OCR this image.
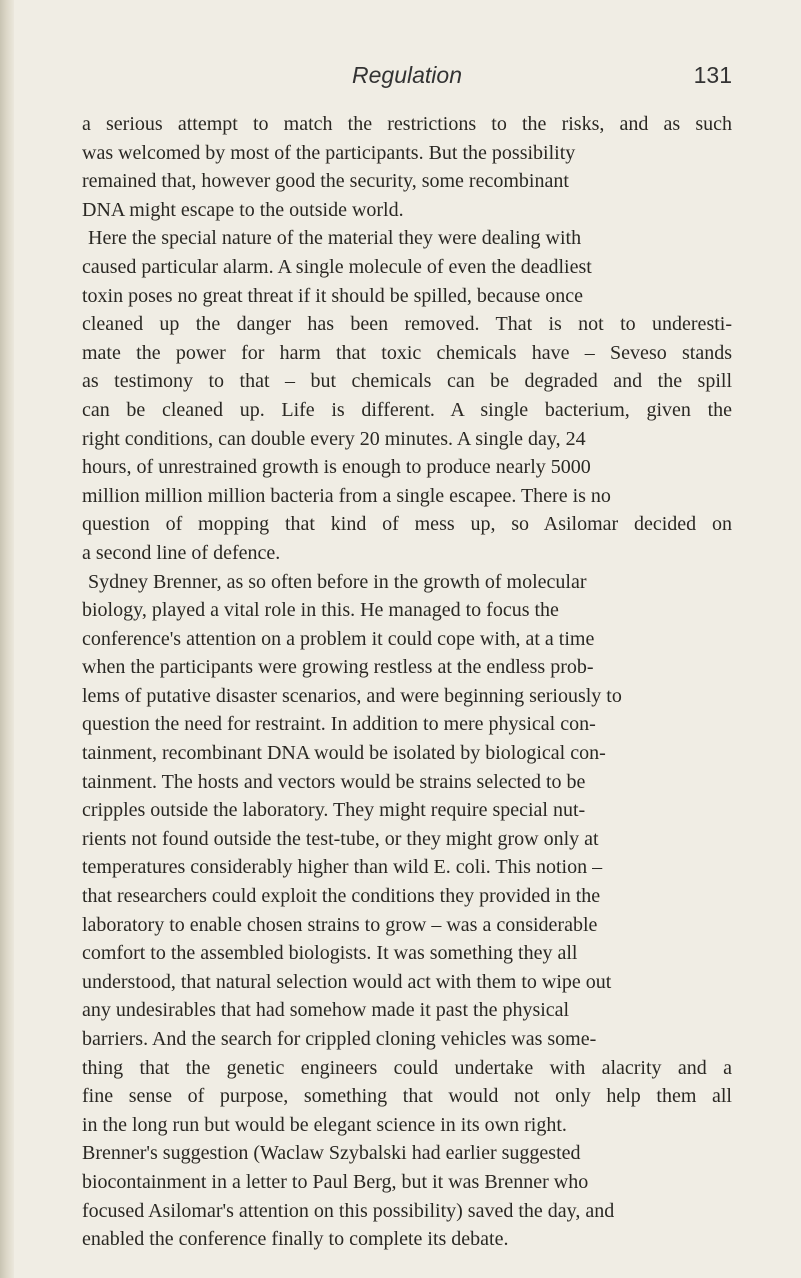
Regulation	131
a serious attempt to match the restrictions to the risks, and as such
was welcomed by most of the participants. But the possibility
remained that, however good the security, some recombinant
DNA might escape to the outside world.
Here the special nature of the material they were dealing with
caused particular alarm. A single molecule of even the deadliest
toxin poses no great threat if it should be spilled, because once
cleaned up the danger has been removed. That is not to underesti-
mate the power for harm that toxic chemicals have – Seveso stands
as testimony to that – but chemicals can be degraded and the spill
can be cleaned up. Life is different. A single bacterium, given the
right conditions, can double every 20 minutes. A single day, 24
hours, of unrestrained growth is enough to produce nearly 5000
million million million bacteria from a single escapee. There is no
question of mopping that kind of mess up, so Asilomar decided on
a second line of defence.
Sydney Brenner, as so often before in the growth of molecular
biology, played a vital role in this. He managed to focus the
conference's attention on a problem it could cope with, at a time
when the participants were growing restless at the endless prob-
lems of putative disaster scenarios, and were beginning seriously to
question the need for restraint. In addition to mere physical con-
tainment, recombinant DNA would be isolated by biological con-
tainment. The hosts and vectors would be strains selected to be
cripples outside the laboratory. They might require special nut-
rients not found outside the test-tube, or they might grow only at
temperatures considerably higher than wild E. coli. This notion –
that researchers could exploit the conditions they provided in the
laboratory to enable chosen strains to grow – was a considerable
comfort to the assembled biologists. It was something they all
understood, that natural selection would act with them to wipe out
any undesirables that had somehow made it past the physical
barriers. And the search for crippled cloning vehicles was some-
thing that the genetic engineers could undertake with alacrity and a
fine sense of purpose, something that would not only help them all
in the long run but would be elegant science in its own right.
Brenner's suggestion (Waclaw Szybalski had earlier suggested
biocontainment in a letter to Paul Berg, but it was Brenner who
focused Asilomar's attention on this possibility) saved the day, and
enabled the conference finally to complete its debate.
